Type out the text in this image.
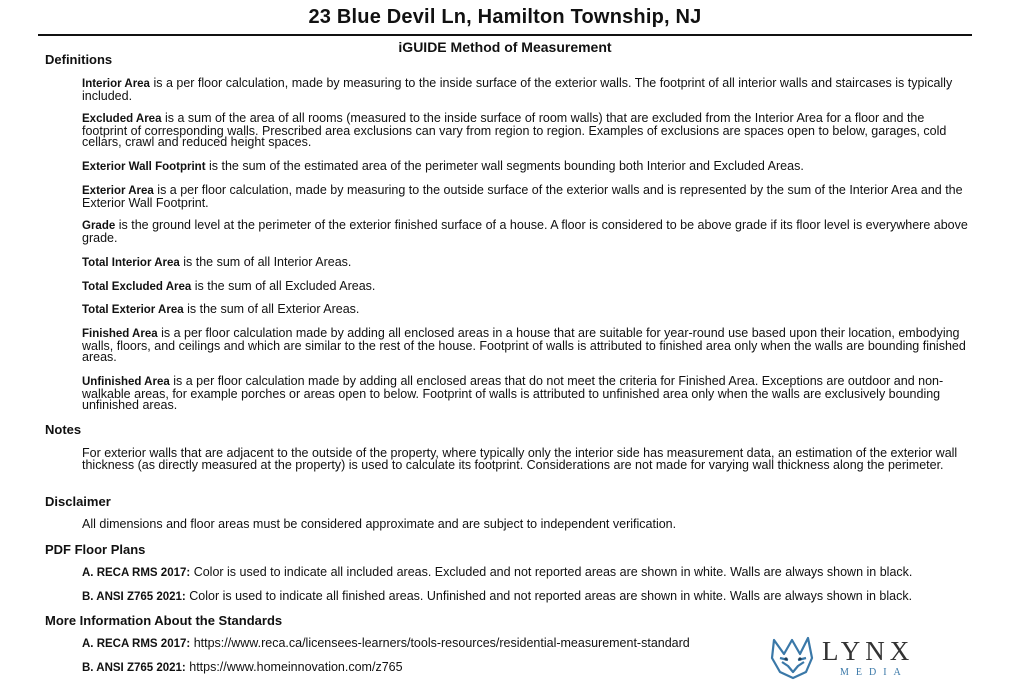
23 Blue Devil Ln, Hamilton Township, NJ
iGUIDE Method of Measurement
Definitions
Interior Area is a per floor calculation, made by measuring to the inside surface of the exterior walls. The footprint of all interior walls and staircases is typically included.
Excluded Area is a sum of the area of all rooms (measured to the inside surface of room walls) that are excluded from the Interior Area for a floor and the footprint of corresponding walls. Prescribed area exclusions can vary from region to region. Examples of exclusions are spaces open to below, garages, cold cellars, crawl and reduced height spaces.
Exterior Wall Footprint is the sum of the estimated area of the perimeter wall segments bounding both Interior and Excluded Areas.
Exterior Area is a per floor calculation, made by measuring to the outside surface of the exterior walls and is represented by the sum of the Interior Area and the Exterior Wall Footprint.
Grade is the ground level at the perimeter of the exterior finished surface of a house. A floor is considered to be above grade if its floor level is everywhere above grade.
Total Interior Area is the sum of all Interior Areas.
Total Excluded Area is the sum of all Excluded Areas.
Total Exterior Area is the sum of all Exterior Areas.
Finished Area is a per floor calculation made by adding all enclosed areas in a house that are suitable for year-round use based upon their location, embodying walls, floors, and ceilings and which are similar to the rest of the house. Footprint of walls is attributed to finished area only when the walls are bounding finished areas.
Unfinished Area is a per floor calculation made by adding all enclosed areas that do not meet the criteria for Finished Area. Exceptions are outdoor and non-walkable areas, for example porches or areas open to below. Footprint of walls is attributed to unfinished area only when the walls are exclusively bounding unfinished areas.
Notes
For exterior walls that are adjacent to the outside of the property, where typically only the interior side has measurement data, an estimation of the exterior wall thickness (as directly measured at the property) is used to calculate its footprint. Considerations are not made for varying wall thickness along the perimeter.
Disclaimer
All dimensions and floor areas must be considered approximate and are subject to independent verification.
PDF Floor Plans
A. RECA RMS 2017: Color is used to indicate all included areas. Excluded and not reported areas are shown in white. Walls are always shown in black.
B. ANSI Z765 2021: Color is used to indicate all finished areas. Unfinished and not reported areas are shown in white. Walls are always shown in black.
More Information About the Standards
A. RECA RMS 2017: https://www.reca.ca/licensees-learners/tools-resources/residential-measurement-standard
B. ANSI Z765 2021: https://www.homeinnovation.com/z765
LYNX
MEDIA
